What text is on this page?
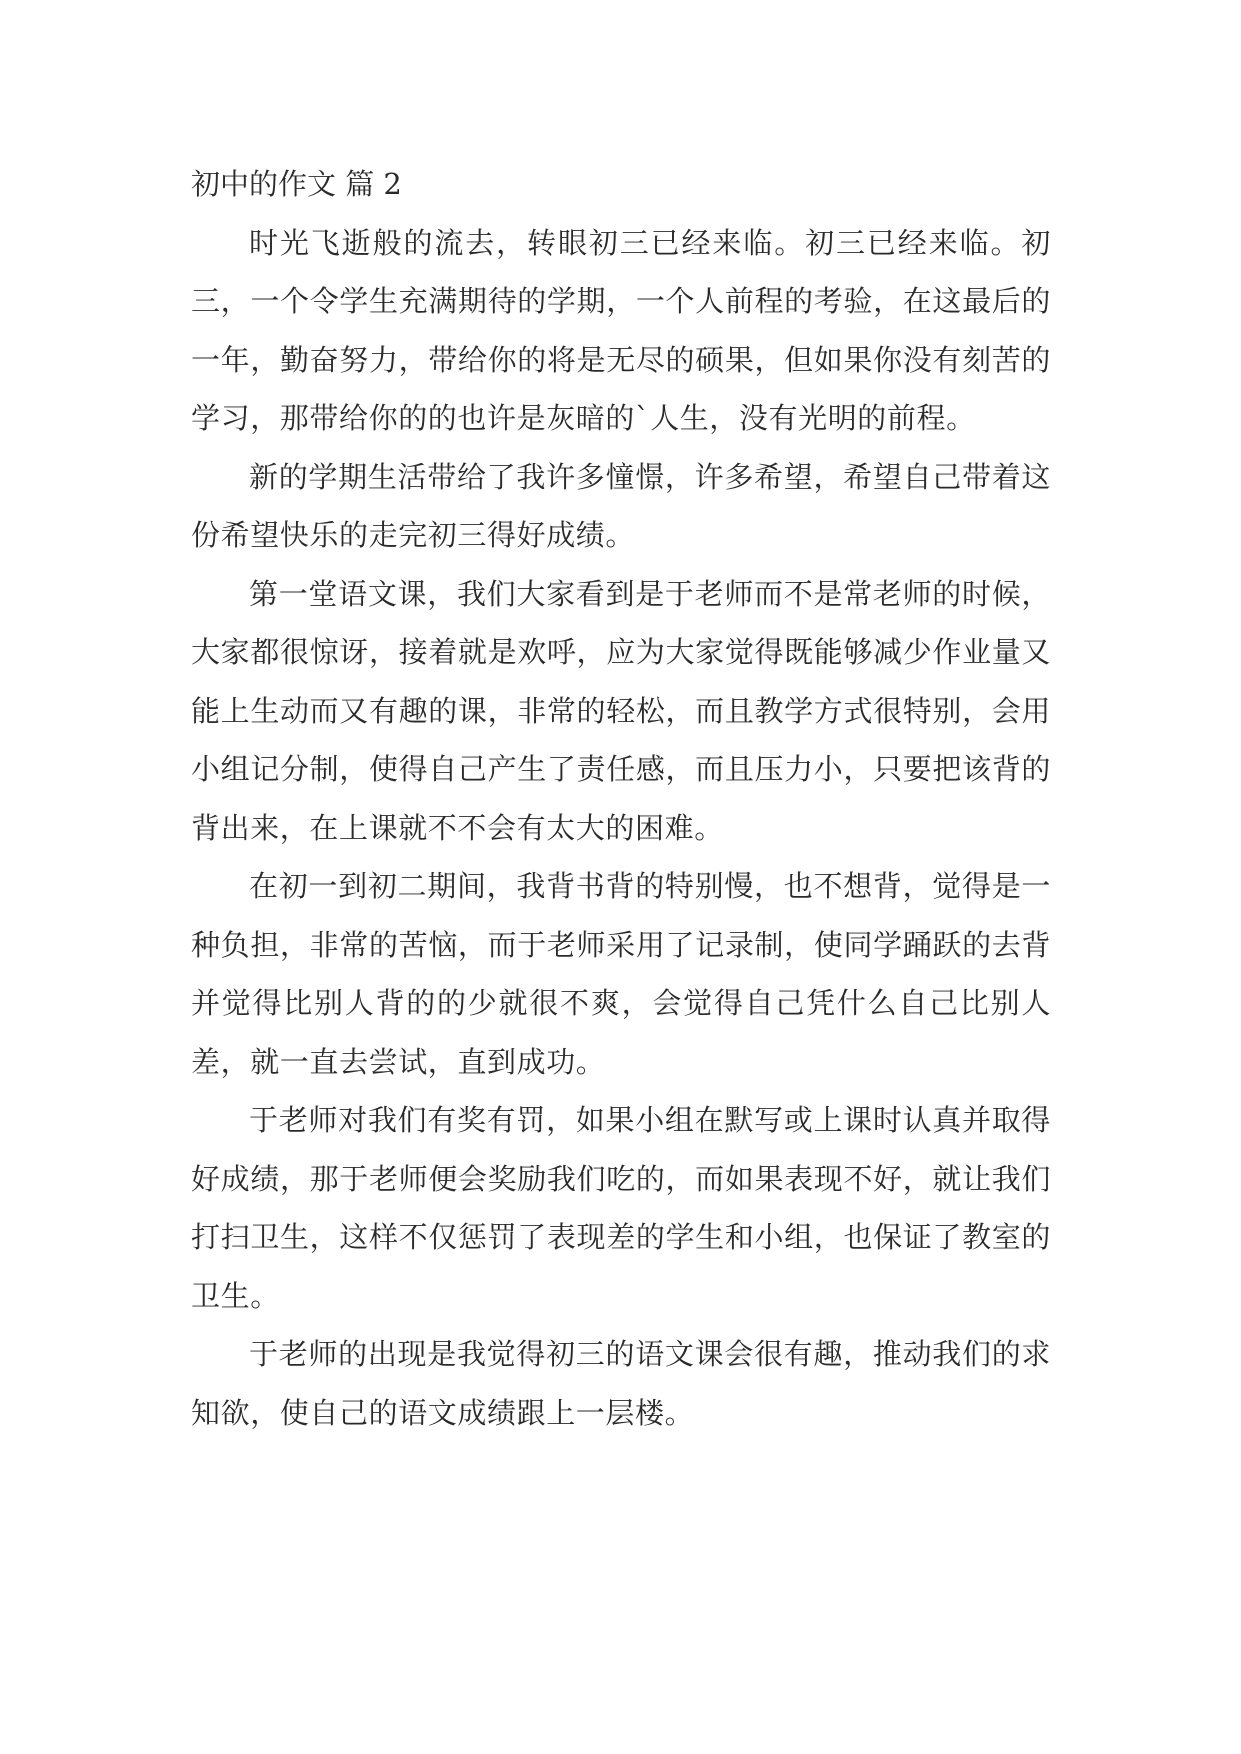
初中的作文 篇 2

时光飞逝般的流去，转眼初三已经来临。初三已经来临。初三，一个令学生充满期待的学期，一个人前程的考验，在这最后的一年，勤奋努力，带给你的将是无尽的硕果，但如果你没有刻苦的学习，那带给你的的也许是灰暗的`人生，没有光明的前程。

新的学期生活带给了我许多憧憬，许多希望，希望自己带着这份希望快乐的走完初三得好成绩。

第一堂语文课，我们大家看到是于老师而不是常老师的时候，大家都很惊讶，接着就是欢呼，应为大家觉得既能够减少作业量又能上生动而又有趣的课，非常的轻松，而且教学方式很特别，会用小组记分制，使得自己产生了责任感，而且压力小，只要把该背的背出来，在上课就不不会有太大的困难。

在初一到初二期间，我背书背的特别慢，也不想背，觉得是一种负担，非常的苦恼，而于老师采用了记录制，使同学踊跃的去背并觉得比别人背的的少就很不爽，会觉得自己凭什么自己比别人差，就一直去尝试，直到成功。

于老师对我们有奖有罚，如果小组在默写或上课时认真并取得好成绩，那于老师便会奖励我们吃的，而如果表现不好，就让我们打扫卫生，这样不仅惩罚了表现差的学生和小组，也保证了教室的卫生。

于老师的出现是我觉得初三的语文课会很有趣，推动我们的求知欲，使自己的语文成绩跟上一层楼。
